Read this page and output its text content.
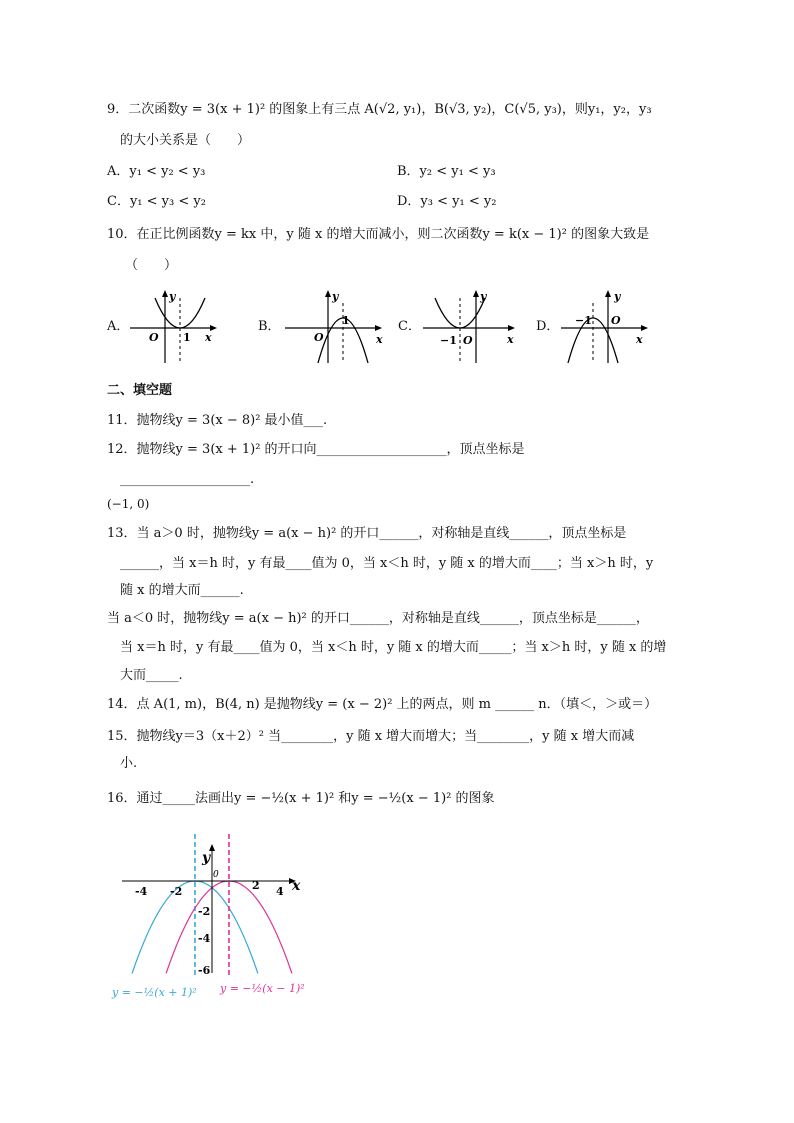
9．二次函数y = 3(x + 1)² 的图象上有三点 A(√2, y₁)，B(√3, y₂)，C(√5, y₃)，则y₁，y₂，y₃
的大小关系是（　　）
A．y₁ < y₂ < y₃	B．y₂ < y₁ < y₃
C．y₁ < y₃ < y₂	D．y₃ < y₁ < y₂
10．在正比例函数y = kx 中，y 随 x 的增大而减小，则二次函数y = k(x − 1)² 的图象大致是
（　　）
A．
y
O 1 x
B．
y
O
1
x
C．
y
O
−1	x
D．
y
O
−1
x
二、填空题
11．抛物线y = 3(x − 8)² 最小值___.
12．抛物线y = 3(x + 1)² 的开口向____________________，顶点坐标是
____________________.
(−1, 0)
13．当 a＞0 时，抛物线y = a(x − h)² 的开口______，对称轴是直线______，顶点坐标是
______，当 x＝h 时，y 有最____值为 0，当 x＜h 时，y 随 x 的增大而____；当 x＞h 时，y
随 x 的增大而______.
当 a＜0 时，抛物线y = a(x − h)² 的开口______，对称轴是直线______，顶点坐标是______，
当 x＝h 时，y 有最____值为 0，当 x＜h 时，y 随 x 的增大而_____；当 x＞h 时，y 随 x 的增
大而_____.
14．点 A(1, m)，B(4, n) 是抛物线y = (x − 2)² 上的两点，则 m ______ n．（填＜，＞或＝）
15．抛物线y＝3（x＋2）² 当________，y 随 x 增大而增大；当________，y 随 x 增大而减
小.
16．通过_____法画出y = −½(x + 1)² 和y = −½(x − 1)² 的图象
-4 -2	2 4
-2
-4
-6
0
y
x
y = −½(x + 1)² y = −½(x − 1)²
